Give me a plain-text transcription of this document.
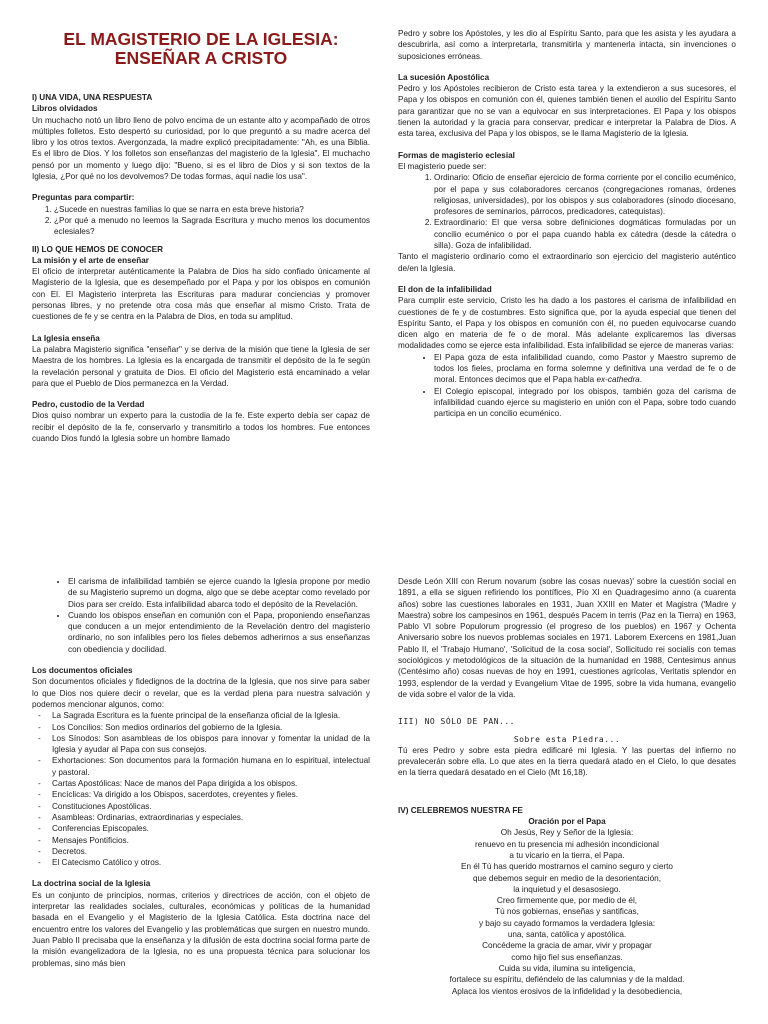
EL MAGISTERIO DE LA IGLESIA:
ENSEÑAR A CRISTO

I) UNA VIDA, UNA RESPUESTA

Libros olvidados

Un muchacho notó un libro lleno de polvo encima de un estante alto y acompañado de otros múltiples folletos. Esto despertó su curiosidad, por lo que preguntó a su madre acerca del libro y los otros textos. Avergonzada, la madre explicó precipitadamente: "Ah, es una Biblia. Es el libro de Dios. Y los folletos son enseñanzas del magisterio de la Iglesia". El muchacho pensó por un momento y luego dijo: "Bueno, si es el libro de Dios y si son textos de la Iglesia, ¿Por qué no los devolvemos? De todas formas, aquí nadie los usa".

Preguntas para compartir:

1. ¿Sucede en nuestras familias lo que se narra en esta breve historia?
2. ¿Por qué a menudo no leemos la Sagrada Escritura y mucho menos los documentos eclesiales?

II) LO QUE HEMOS DE CONOCER

La misión y el arte de enseñar

El oficio de interpretar auténticamente la Palabra de Dios ha sido confiado únicamente al Magisterio de la Iglesia, que es desempeñado por el Papa y por los obispos en comunión con El. El Magisterio interpreta las Escrituras para madurar conciencias y promover personas libres, y no pretende otra cosa más que enseñar al mismo Cristo. Trata de cuestiones de fe y se centra en la Palabra de Dios, en toda su amplitud.

La Iglesia enseña

La palabra Magisterio significa "enseñar" y se deriva de la misión que tiene la Iglesia de ser Maestra de los hombres. La Iglesia es la encargada de transmitir el depósito de la fe según la revelación personal y gratuita de Dios. El oficio del Magisterio está encaminado a velar para que el Pueblo de Dios permanezca en la Verdad.

Pedro, custodio de la Verdad

Dios quiso nombrar un experto para la custodia de la fe. Este experto debía ser capaz de recibir el depósito de la fe, conservarlo y transmitirlo a todos los hombres. Fue entonces cuando Dios fundó la Iglesia sobre un hombre llamado

Pedro y sobre los Apóstoles, y les dio al Espíritu Santo, para que les asista y les ayudara a descubrirla, así como a interpretarla, transmitirla y mantenerla intacta, sin invenciones o suposiciones erróneas.

La sucesión Apostólica

Pedro y los Apóstoles recibieron de Cristo esta tarea y la extendieron a sus sucesores, el Papa y los obispos en comunión con él, quienes también tienen el auxilio del Espíritu Santo para garantizar que no se van a equivocar en sus interpretaciones. El Papa y los obispos tienen la autoridad y la gracia para conservar, predicar e interpretar la Palabra de Dios. A esta tarea, exclusiva del Papa y los obispos, se le llama Magisterio de la Iglesia.

Formas de magisterio eclesial

El magisterio puede ser:

1. Ordinario: Oficio de enseñar ejercicio de forma corriente por el concilio ecuménico, por el papa y sus colaboradores cercanos (congregaciones romanas, órdenes religiosas, universidades), por los obispos y sus colaboradores (sínodo diocesano, profesores de seminarios, párrocos, predicadores, catequistas).
2. Extraordinario: El que versa sobre definiciones dogmáticas formuladas por un concilio ecuménico o por el papa cuando habla ex cátedra (desde la cátedra o silla). Goza de infalibilidad.

Tanto el magisterio ordinario como el extraordinario son ejercicio del magisterio auténtico de/en la Iglesia.

El don de la infalibilidad

Para cumplir este servicio, Cristo les ha dado a los pastores el carisma de infalibilidad en cuestiones de fe y de costumbres. Esto significa que, por la ayuda especial que tienen del Espíritu Santo, el Papa y los obispos en comunión con él, no pueden equivocarse cuando dicen algo en materia de fe o de moral. Más adelante explicaremos las diversas modalidades como se ejerce esta infalibilidad. Esta infalibilidad se ejerce de maneras varias:

• El Papa goza de esta infalibilidad cuando, como Pastor y Maestro supremo de todos los fieles, proclama en forma solemne y definitiva una verdad de fe o de moral. Entonces decimos que el Papa habla ex-cathedra.
• El Colegio episcopal, integrado por los obispos, también goza del carisma de infalibilidad cuando ejerce su magisterio en unión con el Papa, sobre todo cuando participa en un concilio ecuménico.
• El carisma de infalibilidad también se ejerce cuando la Iglesia propone por medio de su Magisterio supremo un dogma, algo que se debe aceptar como revelado por Dios para ser creído. Esta infalibilidad abarca todo el depósito de la Revelación.
• Cuando los obispos enseñan en comunión con el Papa, proponiendo enseñanzas que conducen a un mejor entendimiento de la Revelación dentro del magisterio ordinario, no son infalibles pero los fieles debemos adherirnos a sus enseñanzas con obediencia y docilidad.

Los documentos oficiales

Son documentos oficiales y fidedignos de la doctrina de la Iglesia, que nos sirve para saber lo que Dios nos quiere decir o revelar, que es la verdad plena para nuestra salvación y podemos mencionar algunos, como:

- La Sagrada Escritura es la fuente principal de la enseñanza oficial de la Iglesia.
- Los Concilios: Son medios ordinarios del gobierno de la Iglesia.
- Los Sínodos: Son asambleas de los obispos para innovar y fomentar la unidad de la Iglesia y ayudar al Papa con sus consejos.
- Exhortaciones: Son documentos para la formación humana en lo espiritual, intelectual y pastoral.
- Cartas Apostólicas: Nace de manos del Papa dirigida a los obispos.
- Encíclicas: Va dirigido a los Obispos, sacerdotes, creyentes y fieles.
- Constituciones Apostólicas.
- Asambleas: Ordinarias, extraordinarias y especiales.
- Conferencias Episcopales.
- Mensajes Pontificios.
- Decretos.
- El Catecismo Católico y otros.

La doctrina social de la Iglesia

Es un conjunto de principios, normas, criterios y directrices de acción, con el objeto de interpretar las realidades sociales, culturales, económicas y políticas de la humanidad basada en el Evangelio y el Magisterio de la Iglesia Católica. Esta doctrina nace del encuentro entre los valores del Evangelio y las problemáticas que surgen en nuestro mundo. Juan Pablo II precisaba que la enseñanza y la difusión de esta doctrina social forma parte de la misión evangelizadora de la Iglesia, no es una propuesta técnica para solucionar los problemas, sino más bien

Desde León XIII con Rerum novarum (sobre las cosas nuevas)' sobre la cuestión social en 1891, a ella se siguen refiriendo los pontífices, Pío XI en Quadragesimo anno (a cuarenta años) sobre las cuestiones laborales en 1931, Juan XXIII en Mater et Magistra ('Madre y Maestra) sobre los campesinos en 1961, después Pacem in terris (Paz en la Tierra) en 1963, Pablo VI sobre Populorum progressio (el progreso de los pueblos) en 1967 y Ochenta Aniversario sobre los nuevos problemas sociales en 1971. Laborem Exercens en 1981,Juan Pablo II, el 'Trabajo Humano', 'Solicitud de la cosa social', Sollicitudo rei socialis con temas sociológicos y metodológicos de la situación de la humanidad en 1988, Centesimus annus (Centésimo año) cosas nuevas de hoy en 1991, cuestiones agrícolas, Veritatis splendor en 1993, esplendor de la verdad y Evangelium Vitae de 1995, sobre la vida humana, evangelio de vida sobre el valor de la vida.

III) NO SÓLO DE PAN...

Sobre esta Piedra...

Tú eres Pedro y sobre esta piedra edificaré mi Iglesia. Y las puertas del infierno no prevalecerán sobre ella. Lo que ates en la tierra quedará atado en el Cielo, lo que desates en la tierra quedará desatado en el Cielo (Mt 16,18).

IV) CELEBREMOS NUESTRA FE

Oración por el Papa

Oh Jesús, Rey y Señor de la Iglesia:

renuevo en tu presencia mi adhesión incondicional

a tu vicario en la tierra, el Papa.

En él Tú has querido mostrarnos el camino seguro y cierto

que debemos seguir en medio de la desorientación,

la inquietud y el desasosiego.

Creo firmemente que, por medio de él,

Tú nos gobiernas, enseñas y santificas,

y bajo su cayado formamos la verdadera Iglesia:

una, santa, católica y apostólica.

Concédeme la gracia de amar, vivir y propagar

como hijo fiel sus enseñanzas.

Cuida su vida, ilumina su inteligencia,

fortalece su espíritu, defiéndelo de las calumnias y de la maldad.

Aplaca los vientos erosivos de la infidelidad y la desobediencia,
